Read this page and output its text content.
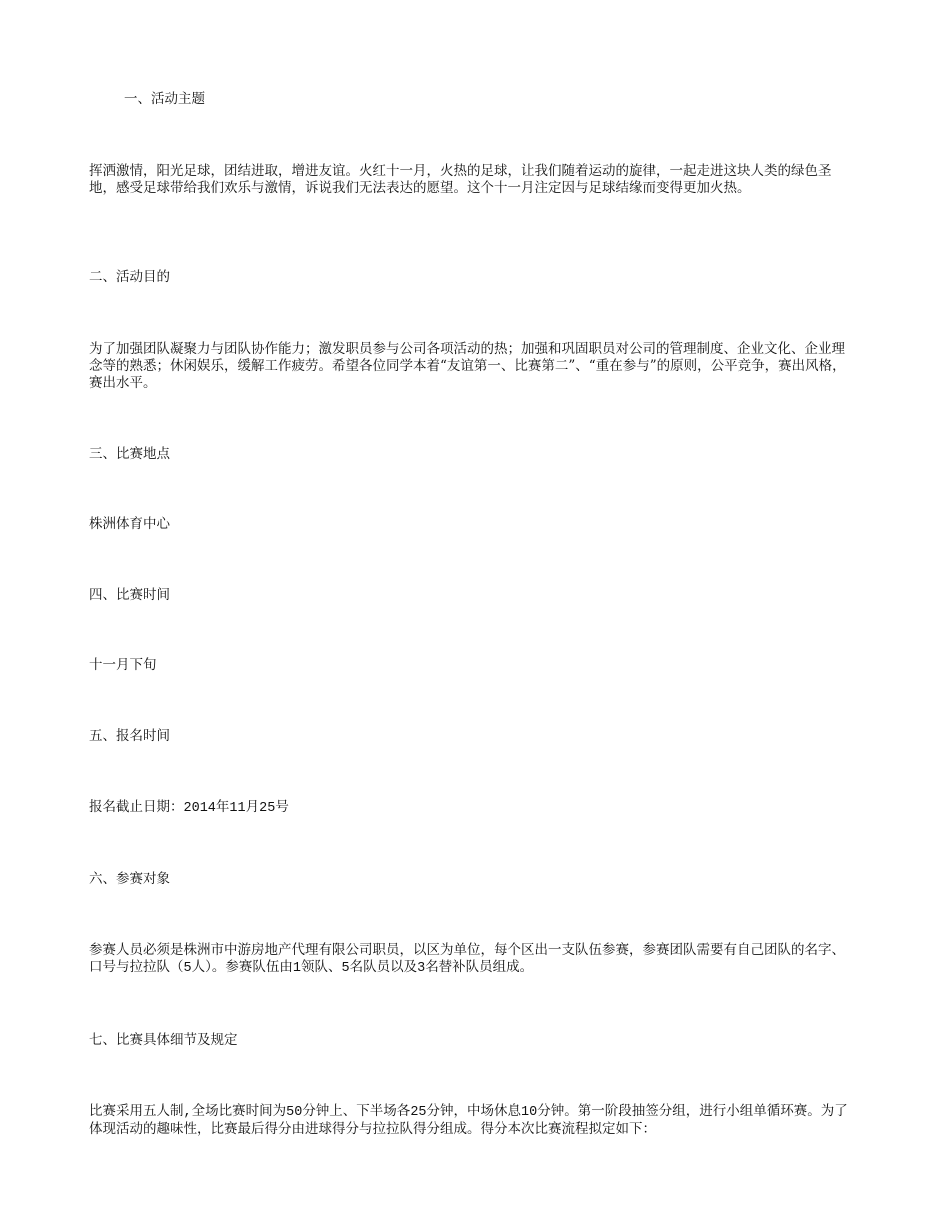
一、活动主题

挥洒激情，阳光足球，团结进取，增进友谊。火红十一月，火热的足球，让我们随着运动的旋律，一起走进这块人类的绿色圣地，感受足球带给我们欢乐与激情，诉说我们无法表达的愿望。这个十一月注定因与足球结缘而变得更加火热。

二、活动目的

为了加强团队凝聚力与团队协作能力；激发职员参与公司各项活动的热；加强和巩固职员对公司的管理制度、企业文化、企业理念等的熟悉；休闲娱乐，缓解工作疲劳。希望各位同学本着“友谊第一、比赛第二”、“重在参与”的原则，公平竞争，赛出风格，赛出水平。

三、比赛地点

株洲体育中心

四、比赛时间

十一月下旬

五、报名时间

报名截止日期：2014年11月25号

六、参赛对象

参赛人员必须是株洲市中游房地产代理有限公司职员，以区为单位，每个区出一支队伍参赛，参赛团队需要有自己团队的名字、口号与拉拉队（5人）。参赛队伍由1领队、5名队员以及3名替补队员组成。

七、比赛具体细节及规定

比赛采用五人制,全场比赛时间为50分钟上、下半场各25分钟，中场休息10分钟。第一阶段抽签分组，进行小组单循环赛。为了体现活动的趣味性，比赛最后得分由进球得分与拉拉队得分组成。得分本次比赛流程拟定如下：
